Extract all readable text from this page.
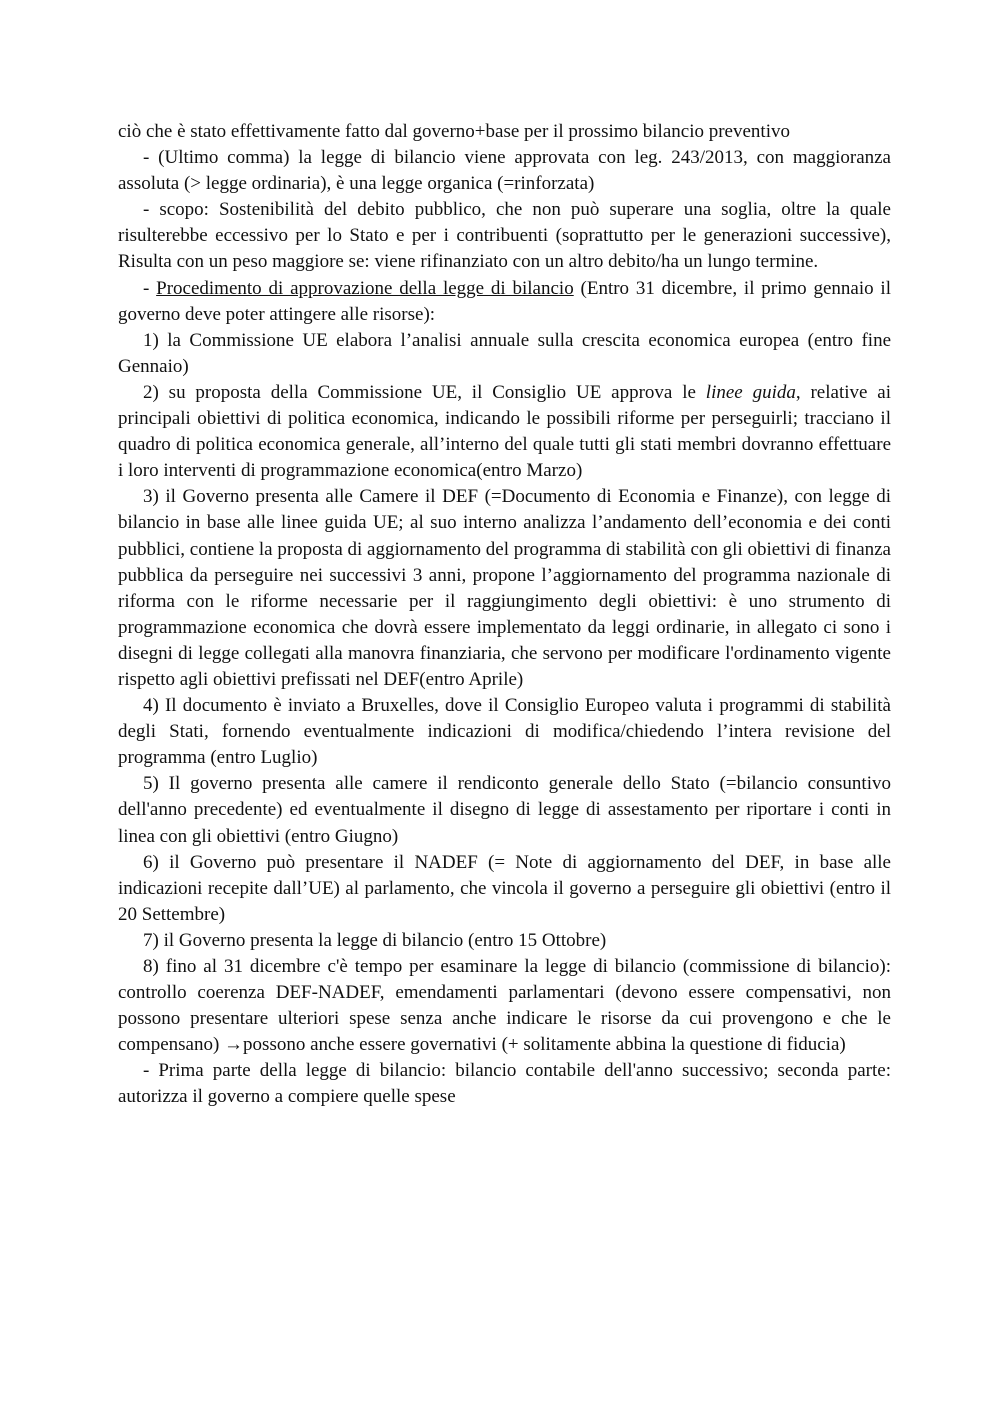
ciò che è stato effettivamente fatto dal governo+base per il prossimo bilancio preventivo

- (Ultimo comma) la legge di bilancio viene approvata con leg. 243/2013, con maggioranza assoluta (> legge ordinaria), è una legge organica (=rinforzata)

- scopo: Sostenibilità del debito pubblico, che non può superare una soglia, oltre la quale risulterebbe eccessivo per lo Stato e per i contribuenti (soprattutto per le generazioni successive), Risulta con un peso maggiore se: viene rifinanziato con un altro debito/ha un lungo termine.

- Procedimento di approvazione della legge di bilancio (Entro 31 dicembre, il primo gennaio il governo deve poter attingere alle risorse):

1) la Commissione UE elabora l’analisi annuale sulla crescita economica europea (entro fine Gennaio)

2) su proposta della Commissione UE, il Consiglio UE approva le linee guida, relative ai principali obiettivi di politica economica, indicando le possibili riforme per perseguirli; tracciano il quadro di politica economica generale, all’interno del quale tutti gli stati membri dovranno effettuare i loro interventi di programmazione economica(entro Marzo)

3) il Governo presenta alle Camere il DEF (=Documento di Economia e Finanze), con legge di bilancio in base alle linee guida UE; al suo interno analizza l’andamento dell’economia e dei conti pubblici, contiene la proposta di aggiornamento del programma di stabilità con gli obiettivi di finanza pubblica da perseguire nei successivi 3 anni, propone l’aggiornamento del programma nazionale di riforma con le riforme necessarie per il raggiungimento degli obiettivi: è uno strumento di programmazione economica che dovrà essere implementato da leggi ordinarie, in allegato ci sono i disegni di legge collegati alla manovra finanziaria, che servono per modificare l'ordinamento vigente rispetto agli obiettivi prefissati nel DEF(entro Aprile)

4) Il documento è inviato a Bruxelles, dove il Consiglio Europeo valuta i programmi di stabilità degli Stati, fornendo eventualmente indicazioni di modifica/chiedendo l’intera revisione del programma (entro Luglio)

5) Il governo presenta alle camere il rendiconto generale dello Stato (=bilancio consuntivo dell'anno precedente) ed eventualmente il disegno di legge di assestamento per riportare i conti in linea con gli obiettivi (entro Giugno)

6) il Governo può presentare il NADEF (= Note di aggiornamento del DEF, in base alle indicazioni recepite dall’UE) al parlamento, che vincola il governo a perseguire gli obiettivi (entro il 20 Settembre)

7) il Governo presenta la legge di bilancio (entro 15 Ottobre)

8) fino al 31 dicembre c'è tempo per esaminare la legge di bilancio (commissione di bilancio): controllo coerenza DEF-NADEF, emendamenti parlamentari (devono essere compensativi, non possono presentare ulteriori spese senza anche indicare le risorse da cui provengono e che le compensano) →possono anche essere governativi (+ solitamente abbina la questione di fiducia)

- Prima parte della legge di bilancio: bilancio contabile dell'anno successivo; seconda parte: autorizza il governo a compiere quelle spese
